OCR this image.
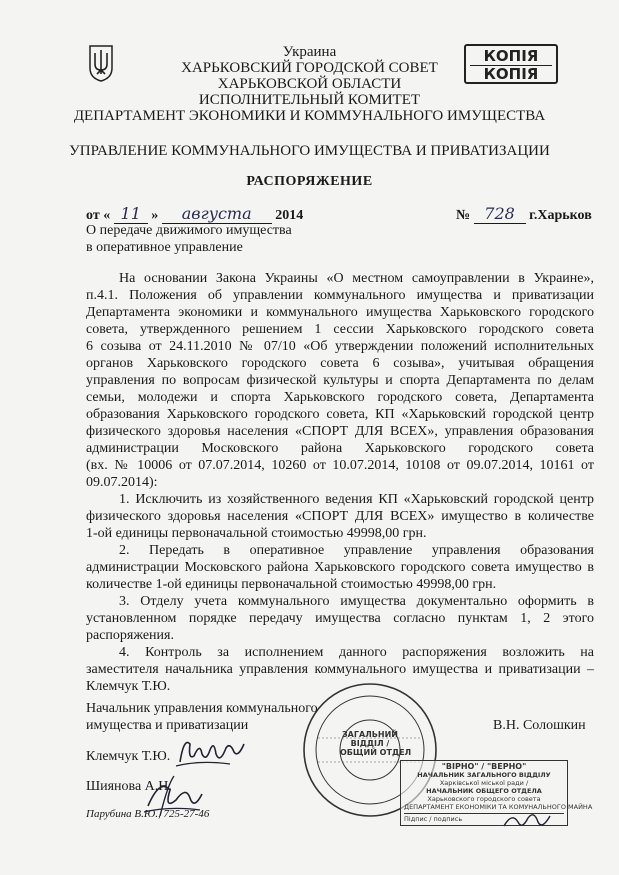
КОПІЯ
КОПІЯ
Украина
ХАРЬКОВСКИЙ ГОРОДСКОЙ СОВЕТ
ХАРЬКОВСКОЙ ОБЛАСТИ
ИСПОЛНИТЕЛЬНЫЙ КОМИТЕТ
ДЕПАРТАМЕНТ ЭКОНОМИКИ И КОММУНАЛЬНОГО ИМУЩЕСТВА
УПРАВЛЕНИЕ КОММУНАЛЬНОГО ИМУЩЕСТВА И ПРИВАТИЗАЦИИ
РАСПОРЯЖЕНИЕ
от « 11 » августа 2014	№ 728 г.Харьков
О передаче движимого имущества
в оперативное управление
На основании Закона Украины «О местном самоуправлении в Украине»,
п.4.1. Положения об управлении коммунального имущества и приватизации
Департамента экономики и коммунального имущества Харьковского городского
совета, утвержденного решением 1 сессии Харьковского городского совета
6 созыва от 24.11.2010 № 07/10 «Об утверждении положений исполнительных
органов Харьковского городского совета 6 созыва», учитывая обращения
управления по вопросам физической культуры и спорта Департамента по делам
семьи, молодежи и спорта Харьковского городского совета, Департамента
образования Харьковского городского совета, КП «Харьковский городской центр
физического здоровья населения «СПОРТ ДЛЯ ВСЕХ», управления образования
администрации Московского района Харьковского городского совета
(вх. № 10006 от 07.07.2014, 10260 от 10.07.2014, 10108 от 09.07.2014, 10161 от
09.07.2014):
1. Исключить из хозяйственного ведения КП «Харьковский городской центр
физического здоровья населения «СПОРТ ДЛЯ ВСЕХ» имущество в количестве
1-ой единицы первоначальной стоимостью 49998,00 грн.
2. Передать в оперативное управление управления образования
администрации Московского района Харьковского городского совета имущество в
количестве 1-ой единицы первоначальной стоимостью 49998,00 грн.
3. Отделу учета коммунального имущества документально оформить в
установленном порядке передачу имущества согласно пунктам 1, 2 этого
распоряжения.
4. Контроль за исполнением данного распоряжения возложить на
заместителя начальника управления коммунального имущества и приватизации –
Клемчук Т.Ю.
Начальник управления коммунального
имущества и приватизации	В.Н. Солошкин
Клемчук Т.Ю.
Шиянова А.Н.
Парубина В.Ю., 725-27-46
ЗАГАЛЬНИЙ
ВІДДІЛ /
ОБЩИЙ ОТДЕЛ
"ВІРНО" / "ВЕРНО"
НАЧАЛЬНИК ЗАГАЛЬНОГО ВІДДІЛУ
Харківської міської ради /
НАЧАЛЬНИК ОБЩЕГО ОТДЕЛА
Харьковского городского совета
ДЕПАРТАМЕНТ ЕКОНОМІКИ ТА КОМУНАЛЬНОГО МАЙНА
Підпис / подпись
